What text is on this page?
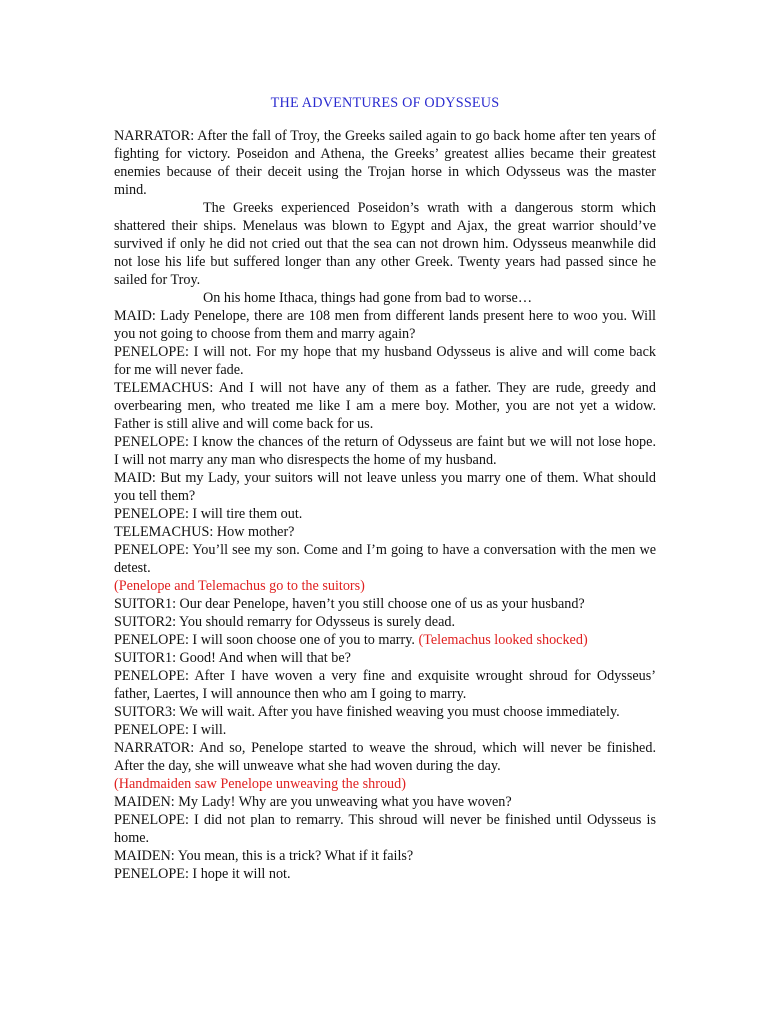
THE ADVENTURES OF ODYSSEUS

NARRATOR: After the fall of Troy, the Greeks sailed again to go back home after ten years of fighting for victory. Poseidon and Athena, the Greeks’ greatest allies became their greatest enemies because of their deceit using the Trojan horse in which Odysseus was the master mind.

The Greeks experienced Poseidon’s wrath with a dangerous storm which shattered their ships. Menelaus was blown to Egypt and Ajax, the great warrior should’ve survived if only he did not cried out that the sea can not drown him. Odysseus meanwhile did not lose his life but suffered longer than any other Greek. Twenty years had passed since he sailed for Troy.

On his home Ithaca, things had gone from bad to worse…

MAID: Lady Penelope, there are 108 men from different lands present here to woo you. Will you not going to choose from them and marry again?

PENELOPE: I will not. For my hope that my husband Odysseus is alive and will come back for me will never fade.

TELEMACHUS: And I will not have any of them as a father. They are rude, greedy and overbearing men, who treated me like I am a mere boy. Mother, you are not yet a widow. Father is still alive and will come back for us.

PENELOPE: I know the chances of the return of Odysseus are faint but we will not lose hope. I will not marry any man who disrespects the home of my husband.

MAID: But my Lady, your suitors will not leave unless you marry one of them. What should you tell them?

PENELOPE: I will tire them out.

TELEMACHUS: How mother?

PENELOPE: You’ll see my son. Come and I’m going to have a conversation with the men we detest.

(Penelope and Telemachus go to the suitors)

SUITOR1: Our dear Penelope, haven’t you still choose one of us as your husband?

SUITOR2: You should remarry for Odysseus is surely dead.

PENELOPE: I will soon choose one of you to marry. (Telemachus looked shocked)

SUITOR1: Good! And when will that be?

PENELOPE: After I have woven a very fine and exquisite wrought shroud for Odysseus’ father, Laertes, I will announce then who am I going to marry.

SUITOR3: We will wait. After you have finished weaving you must choose immediately.

PENELOPE: I will.

NARRATOR: And so, Penelope started to weave the shroud, which will never be finished. After the day, she will unweave what she had woven during the day.

(Handmaiden saw Penelope unweaving the shroud)

MAIDEN: My Lady! Why are you unweaving what you have woven?

PENELOPE: I did not plan to remarry. This shroud will never be finished until Odysseus is home.

MAIDEN: You mean, this is a trick? What if it fails?

PENELOPE: I hope it will not.
